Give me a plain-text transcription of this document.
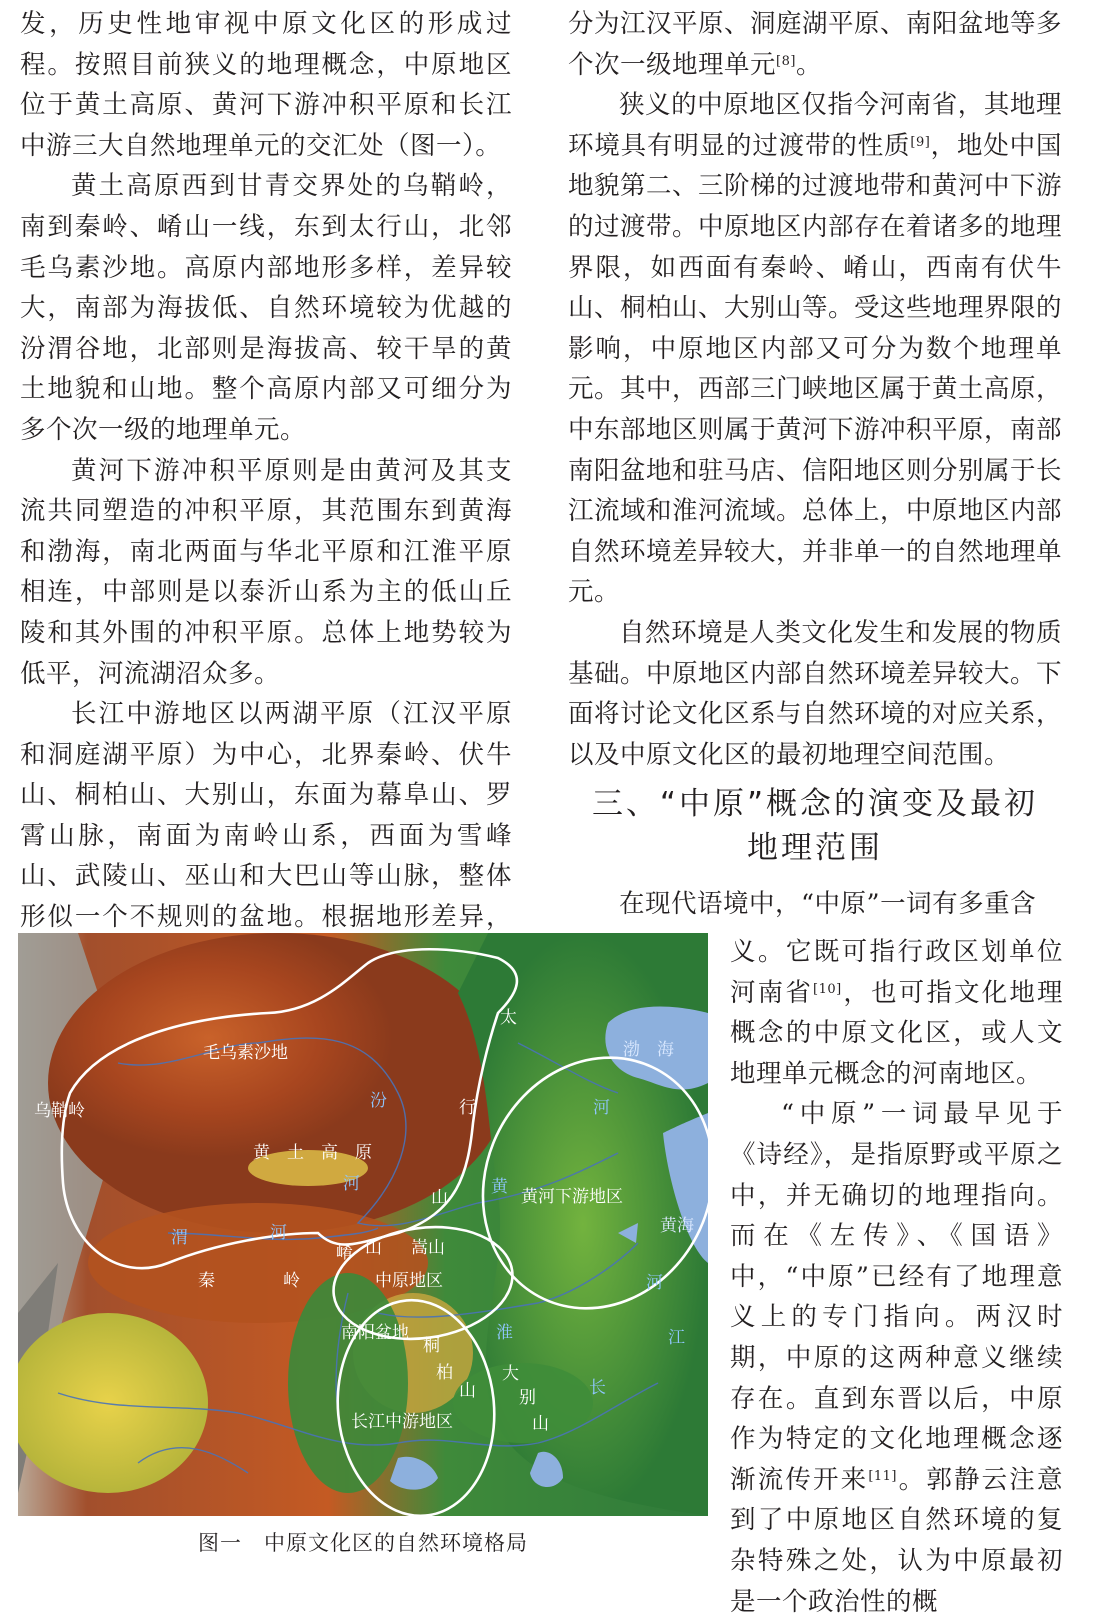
发，历史性地审视中原文化区的形成过程。按照目前狭义的地理概念，中原地区位于黄土高原、黄河下游冲积平原和长江中游三大自然地理单元的交汇处（图一）。

黄土高原西到甘青交界处的乌鞘岭，南到秦岭、崤山一线，东到太行山，北邻毛乌素沙地。高原内部地形多样，差异较大，南部为海拔低、自然环境较为优越的汾渭谷地，北部则是海拔高、较干旱的黄土地貌和山地。整个高原内部又可细分为多个次一级的地理单元。

黄河下游冲积平原则是由黄河及其支流共同塑造的冲积平原，其范围东到黄海和渤海，南北两面与华北平原和江淮平原相连，中部则是以泰沂山系为主的低山丘陵和其外围的冲积平原。总体上地势较为低平，河流湖沼众多。

长江中游地区以两湖平原（江汉平原和洞庭湖平原）为中心，北界秦岭、伏牛山、桐柏山、大别山，东面为幕阜山、罗霄山脉，南面为南岭山系，西面为雪峰山、武陵山、巫山和大巴山等山脉，整体形似一个不规则的盆地。根据地形差异，

分为江汉平原、洞庭湖平原、南阳盆地等多个次一级地理单元[8]。

狭义的中原地区仅指今河南省，其地理环境具有明显的过渡带的性质[9]，地处中国地貌第二、三阶梯的过渡地带和黄河中下游的过渡带。中原地区内部存在着诸多的地理界限，如西面有秦岭、崤山，西南有伏牛山、桐柏山、大别山等。受这些地理界限的影响，中原地区内部又可分为数个地理单元。其中，西部三门峡地区属于黄土高原，中东部地区则属于黄河下游冲积平原，南部南阳盆地和驻马店、信阳地区则分别属于长江流域和淮河流域。总体上，中原地区内部自然环境差异较大，并非单一的自然地理单元。

自然环境是人类文化发生和发展的物质基础。中原地区内部自然环境差异较大。下面将讨论文化区系与自然环境的对应关系，以及中原文化区的最初地理空间范围。

三、“中原”概念的演变及最初
地理范围
在现代语境中，“中原”一词有多重含

义。它既可指行政区划单位河南省[10]，也可指文化地理概念的中原文化区，或人文地理单元概念的河南地区。

“中原”一词最早见于《诗经》，是指原野或平原之中，并无确切的地理指向。而在《左传》、《国语》中，“中原”已经有了地理意义上的专门指向。两汉时期，中原的这两种意义继续存在。直到东晋以后，中原作为特定的文化地理概念逐渐流传开来[11]。郭静云注意到了中原地区自然环境的复杂特殊之处，认为中原最初是一个政治性的概

毛乌素沙地
乌鞘岭
黄　土　高　原
河
汾
太
行
山
渤　海
河
黄 黄河下游地区
黄海
渭	河
秦	岭
崤 山 嵩山
中原地区
南阳盆地	淮
河
桐
柏
山
大
别
山
江
长
长江中游地区
图一　中原文化区的自然环境格局
